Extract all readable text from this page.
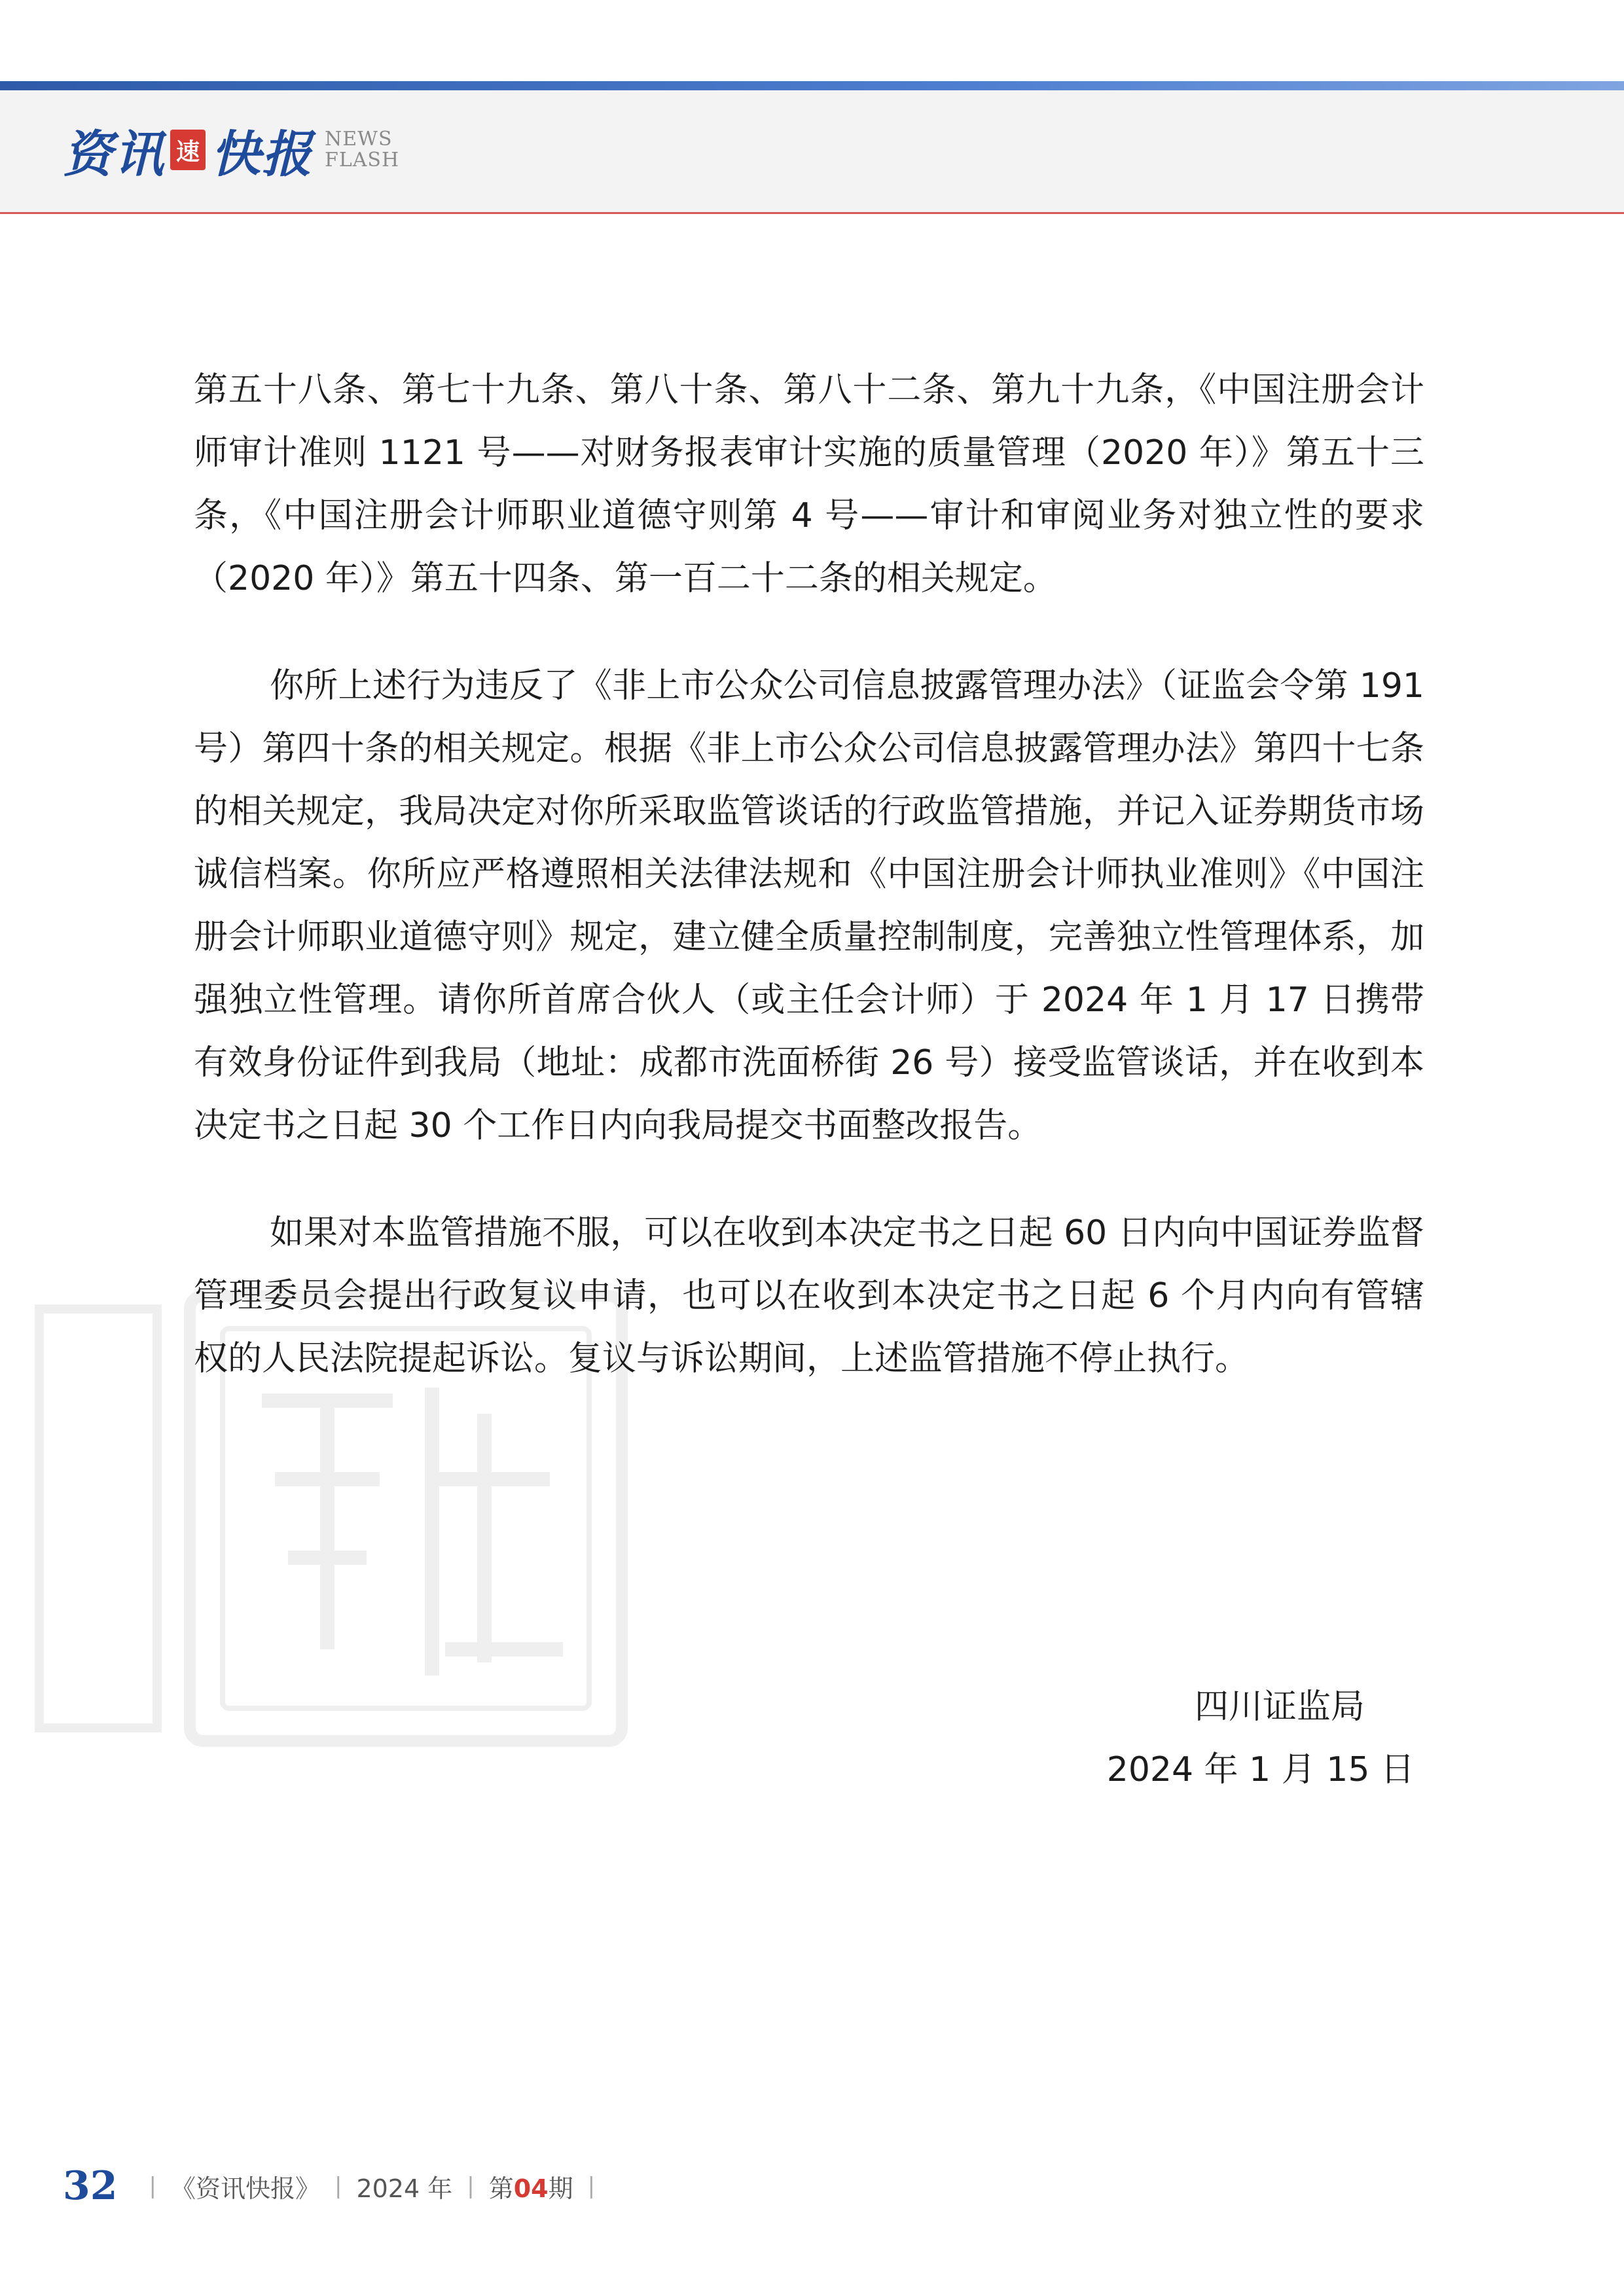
资讯 速 快报 NEWS
FLASH

第五十八条、第七十九条、第八十条、第八十二条、第九十九条，《中国注册会计师审计准则 1121 号——对财务报表审计实施的质量管理（2020 年）》第五十三条，《中国注册会计师职业道德守则第 4 号——审计和审阅业务对独立性的要求（2020 年）》第五十四条、第一百二十二条的相关规定。

你所上述行为违反了《非上市公众公司信息披露管理办法》（证监会令第 191 号）第四十条的相关规定。根据《非上市公众公司信息披露管理办法》第四十七条的相关规定，我局决定对你所采取监管谈话的行政监管措施，并记入证券期货市场诚信档案。你所应严格遵照相关法律法规和《中国注册会计师执业准则》《中国注册会计师职业道德守则》规定，建立健全质量控制制度，完善独立性管理体系，加强独立性管理。请你所首席合伙人（或主任会计师）于 2024 年 1 月 17 日携带有效身份证件到我局（地址：成都市洗面桥街 26 号）接受监管谈话，并在收到本决定书之日起 30 个工作日内向我局提交书面整改报告。

如果对本监管措施不服，可以在收到本决定书之日起 60 日内向中国证券监督管理委员会提出行政复议申请，也可以在收到本决定书之日起 6 个月内向有管辖权的人民法院提起诉讼。复议与诉讼期间，上述监管措施不停止执行。

四川证监局
2024 年 1 月 15 日
32 | 《资讯快报》 | 2024 年 | 第04期 |
